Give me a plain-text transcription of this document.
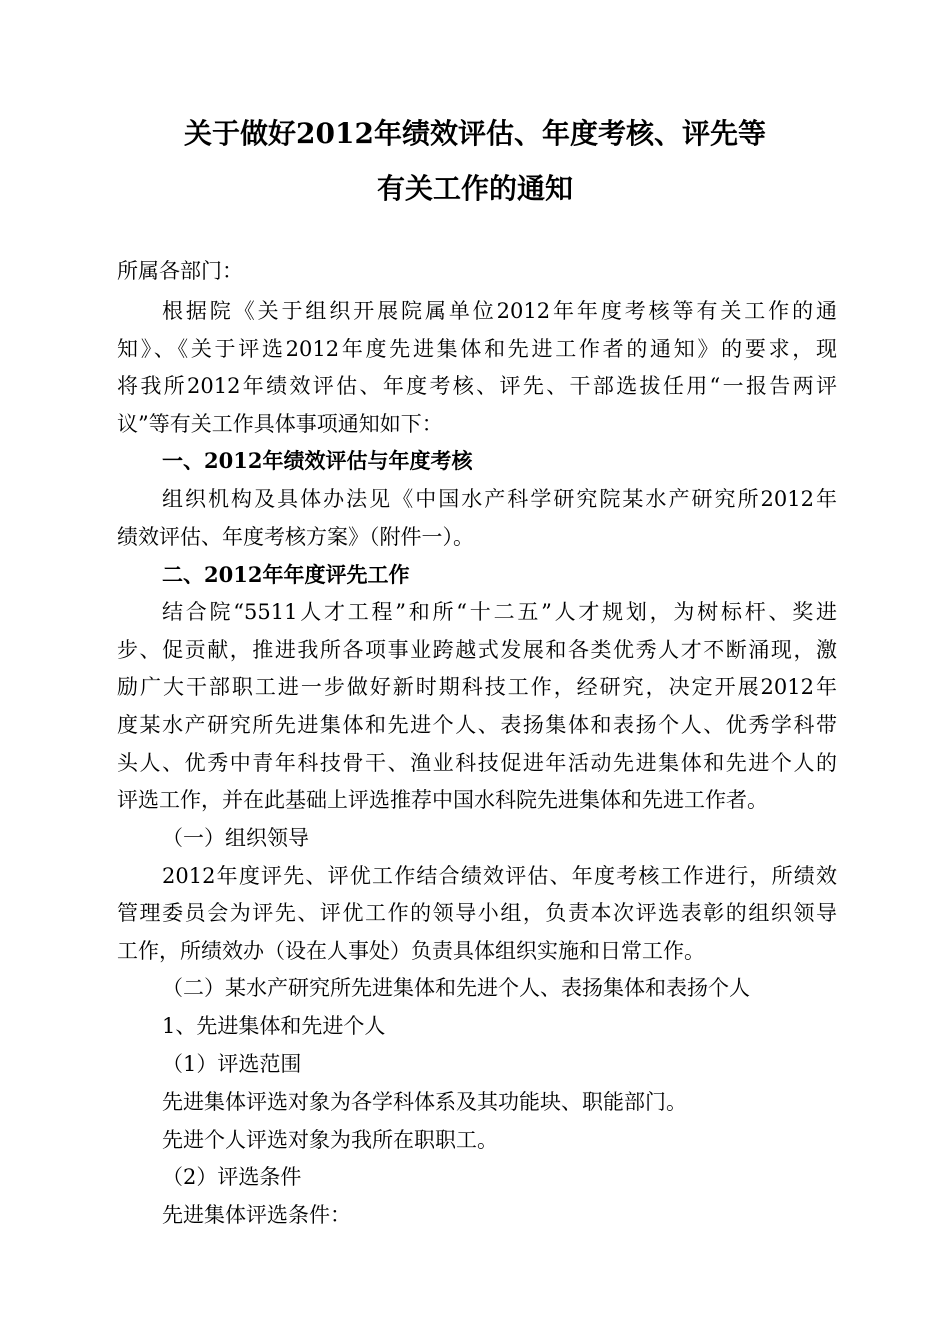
关于做好2012年绩效评估、年度考核、评先等
有关工作的通知
所属各部门：
根据院《关于组织开展院属单位2012年年度考核等有关工作的通
知》、《关于评选2012年度先进集体和先进工作者的通知》的要求，现
将我所2012年绩效评估、年度考核、评先、干部选拔任用“一报告两评
议”等有关工作具体事项通知如下：
一、2012年绩效评估与年度考核
组织机构及具体办法见《中国水产科学研究院某水产研究所2012年
绩效评估、年度考核方案》（附件一）。
二、2012年年度评先工作
结合院“5511人才工程”和所“十二五”人才规划，为树标杆、奖进
步、促贡献，推进我所各项事业跨越式发展和各类优秀人才不断涌现，激
励广大干部职工进一步做好新时期科技工作，经研究，决定开展2012年
度某水产研究所先进集体和先进个人、表扬集体和表扬个人、优秀学科带
头人、优秀中青年科技骨干、渔业科技促进年活动先进集体和先进个人的
评选工作，并在此基础上评选推荐中国水科院先进集体和先进工作者。
（一）组织领导
2012年度评先、评优工作结合绩效评估、年度考核工作进行，所绩效
管理委员会为评先、评优工作的领导小组，负责本次评选表彰的组织领导
工作，所绩效办（设在人事处）负责具体组织实施和日常工作。
（二）某水产研究所先进集体和先进个人、表扬集体和表扬个人
1、先进集体和先进个人
（1）评选范围
先进集体评选对象为各学科体系及其功能块、职能部门。
先进个人评选对象为我所在职职工。
（2）评选条件
先进集体评选条件：
